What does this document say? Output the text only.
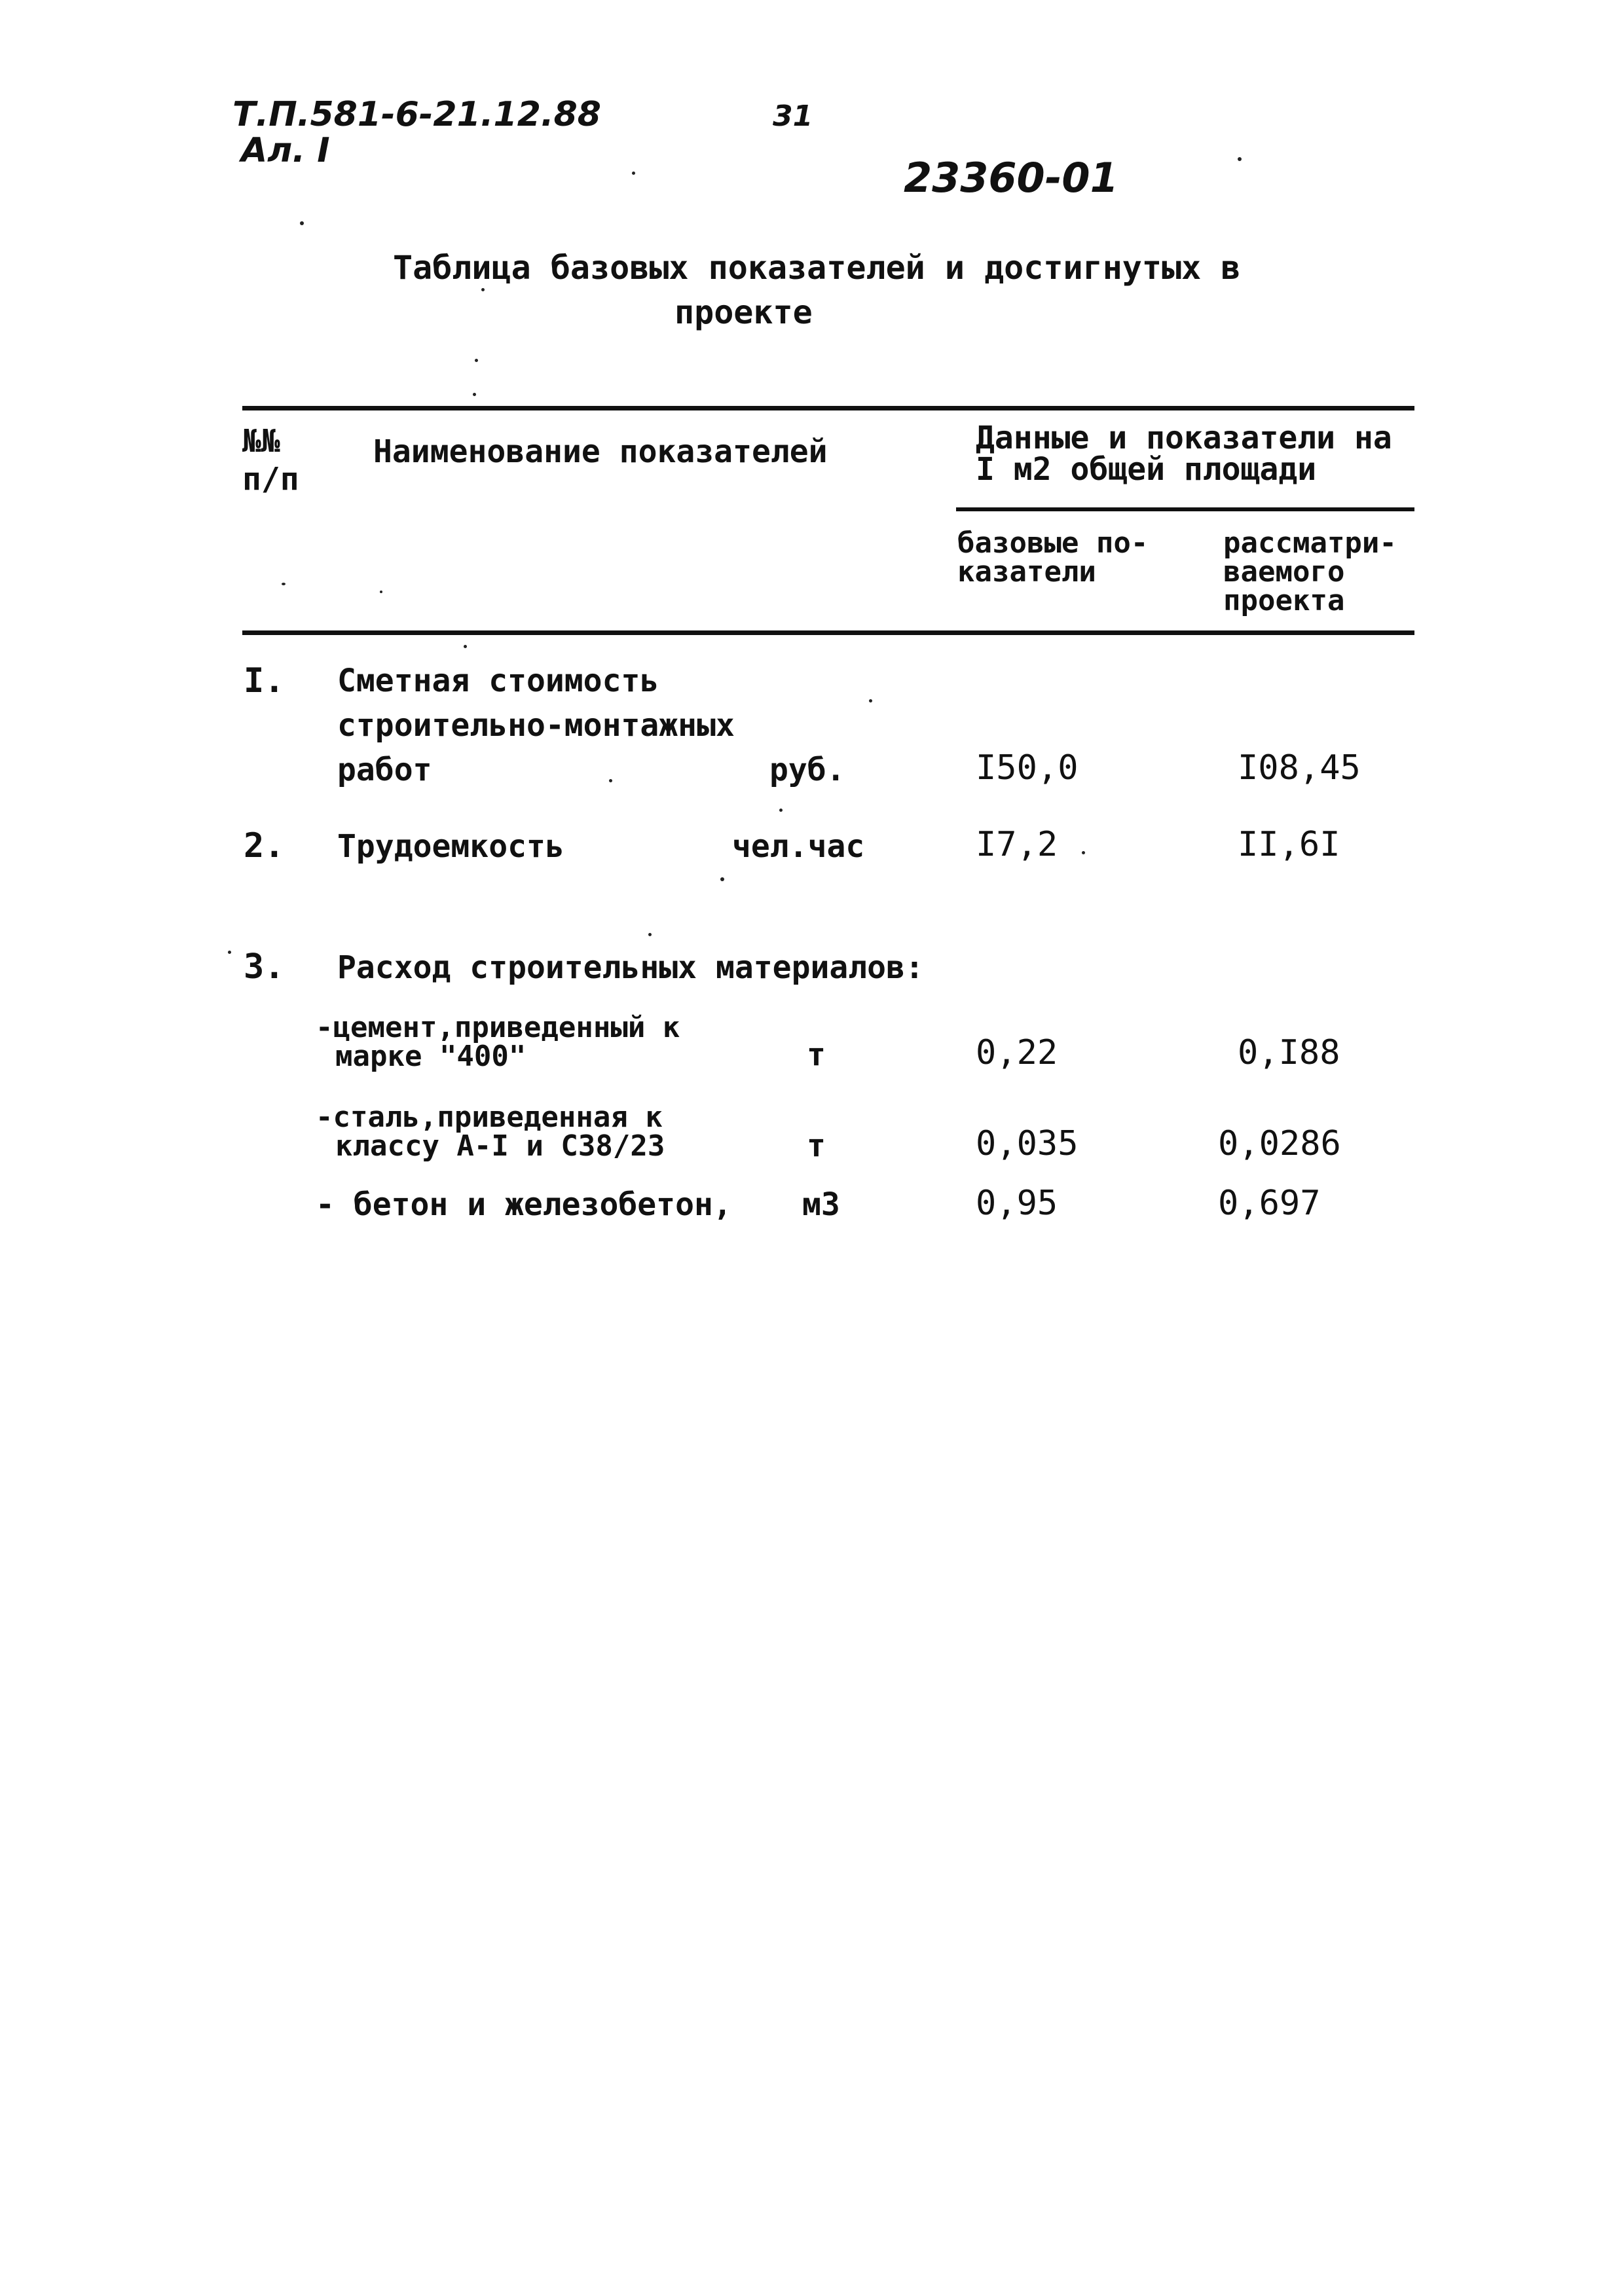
Т.П.581-6-21.12.88
Ал. I
31
23360-01
Таблица базовых показателей и достигнутых в
проекте
№№
п/п
Наименование показателей	Данные и показатели на
I м2 общей площади
базовые по-
казатели
рассматри-
ваемого
проекта
I. Сметная стоимость
строительно-монтажных
работ	руб.	I50,0	I08,45
2. Трудоемкость	чел.час	I7,2	II,6I
3. Расход строительных материалов:
-цемент,приведенный к
марке "400"	т	0,22	0,I88
-сталь,приведенная к
классу А-I и С38/23	т	0,035	0,0286
- бетон и железобетон, м3	0,95	0,697
